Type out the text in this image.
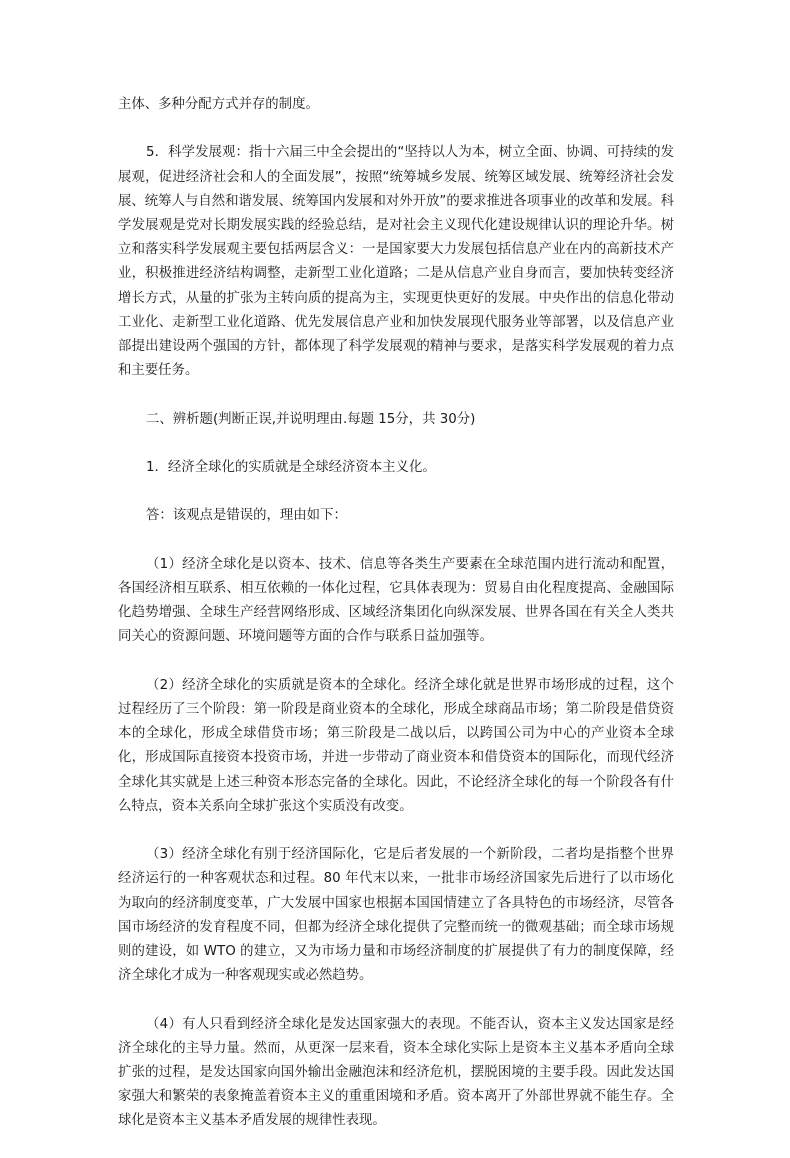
主体、多种分配方式并存的制度。

5．科学发展观：指十六届三中全会提出的“坚持以人为本，树立全面、协调、可持续的发展观，促进经济社会和人的全面发展”，按照“统筹城乡发展、统筹区域发展、统筹经济社会发展、统筹人与自然和谐发展、统筹国内发展和对外开放”的要求推进各项事业的改革和发展。科学发展观是党对长期发展实践的经验总结，是对社会主义现代化建设规律认识的理论升华。树立和落实科学发展观主要包括两层含义：一是国家要大力发展包括信息产业在内的高新技术产业，积极推进经济结构调整，走新型工业化道路；二是从信息产业自身而言，要加快转变经济增长方式，从量的扩张为主转向质的提高为主，实现更快更好的发展。中央作出的信息化带动工业化、走新型工业化道路、优先发展信息产业和加快发展现代服务业等部署，以及信息产业部提出建设两个强国的方针，都体现了科学发展观的精神与要求，是落实科学发展观的着力点和主要任务。

二、辨析题(判断正误,并说明理由.每题 15分，共 30分)

1．经济全球化的实质就是全球经济资本主义化。

答：该观点是错误的，理由如下：

（1）经济全球化是以资本、技术、信息等各类生产要素在全球范围内进行流动和配置，各国经济相互联系、相互依赖的一体化过程，它具体表现为：贸易自由化程度提高、金融国际化趋势增强、全球生产经营网络形成、区域经济集团化向纵深发展、世界各国在有关全人类共同关心的资源问题、环境问题等方面的合作与联系日益加强等。

（2）经济全球化的实质就是资本的全球化。经济全球化就是世界市场形成的过程，这个过程经历了三个阶段：第一阶段是商业资本的全球化，形成全球商品市场；第二阶段是借贷资本的全球化，形成全球借贷市场；第三阶段是二战以后，以跨国公司为中心的产业资本全球化，形成国际直接资本投资市场，并进一步带动了商业资本和借贷资本的国际化，而现代经济全球化其实就是上述三种资本形态完备的全球化。因此，不论经济全球化的每一个阶段各有什么特点，资本关系向全球扩张这个实质没有改变。

（3）经济全球化有别于经济国际化，它是后者发展的一个新阶段，二者均是指整个世界经济运行的一种客观状态和过程。80 年代末以来，一批非市场经济国家先后进行了以市场化为取向的经济制度变革，广大发展中国家也根据本国国情建立了各具特色的市场经济，尽管各国市场经济的发育程度不同，但都为经济全球化提供了完整而统一的微观基础；而全球市场规则的建设，如 WTO 的建立，又为市场力量和市场经济制度的扩展提供了有力的制度保障，经济全球化才成为一种客观现实或必然趋势。

（4）有人只看到经济全球化是发达国家强大的表现。不能否认，资本主义发达国家是经济全球化的主导力量。然而，从更深一层来看，资本全球化实际上是资本主义基本矛盾向全球扩张的过程，是发达国家向国外输出金融泡沫和经济危机，摆脱困境的主要手段。因此发达国家强大和繁荣的表象掩盖着资本主义的重重困境和矛盾。资本离开了外部世界就不能生存。全球化是资本主义基本矛盾发展的规律性表现。
